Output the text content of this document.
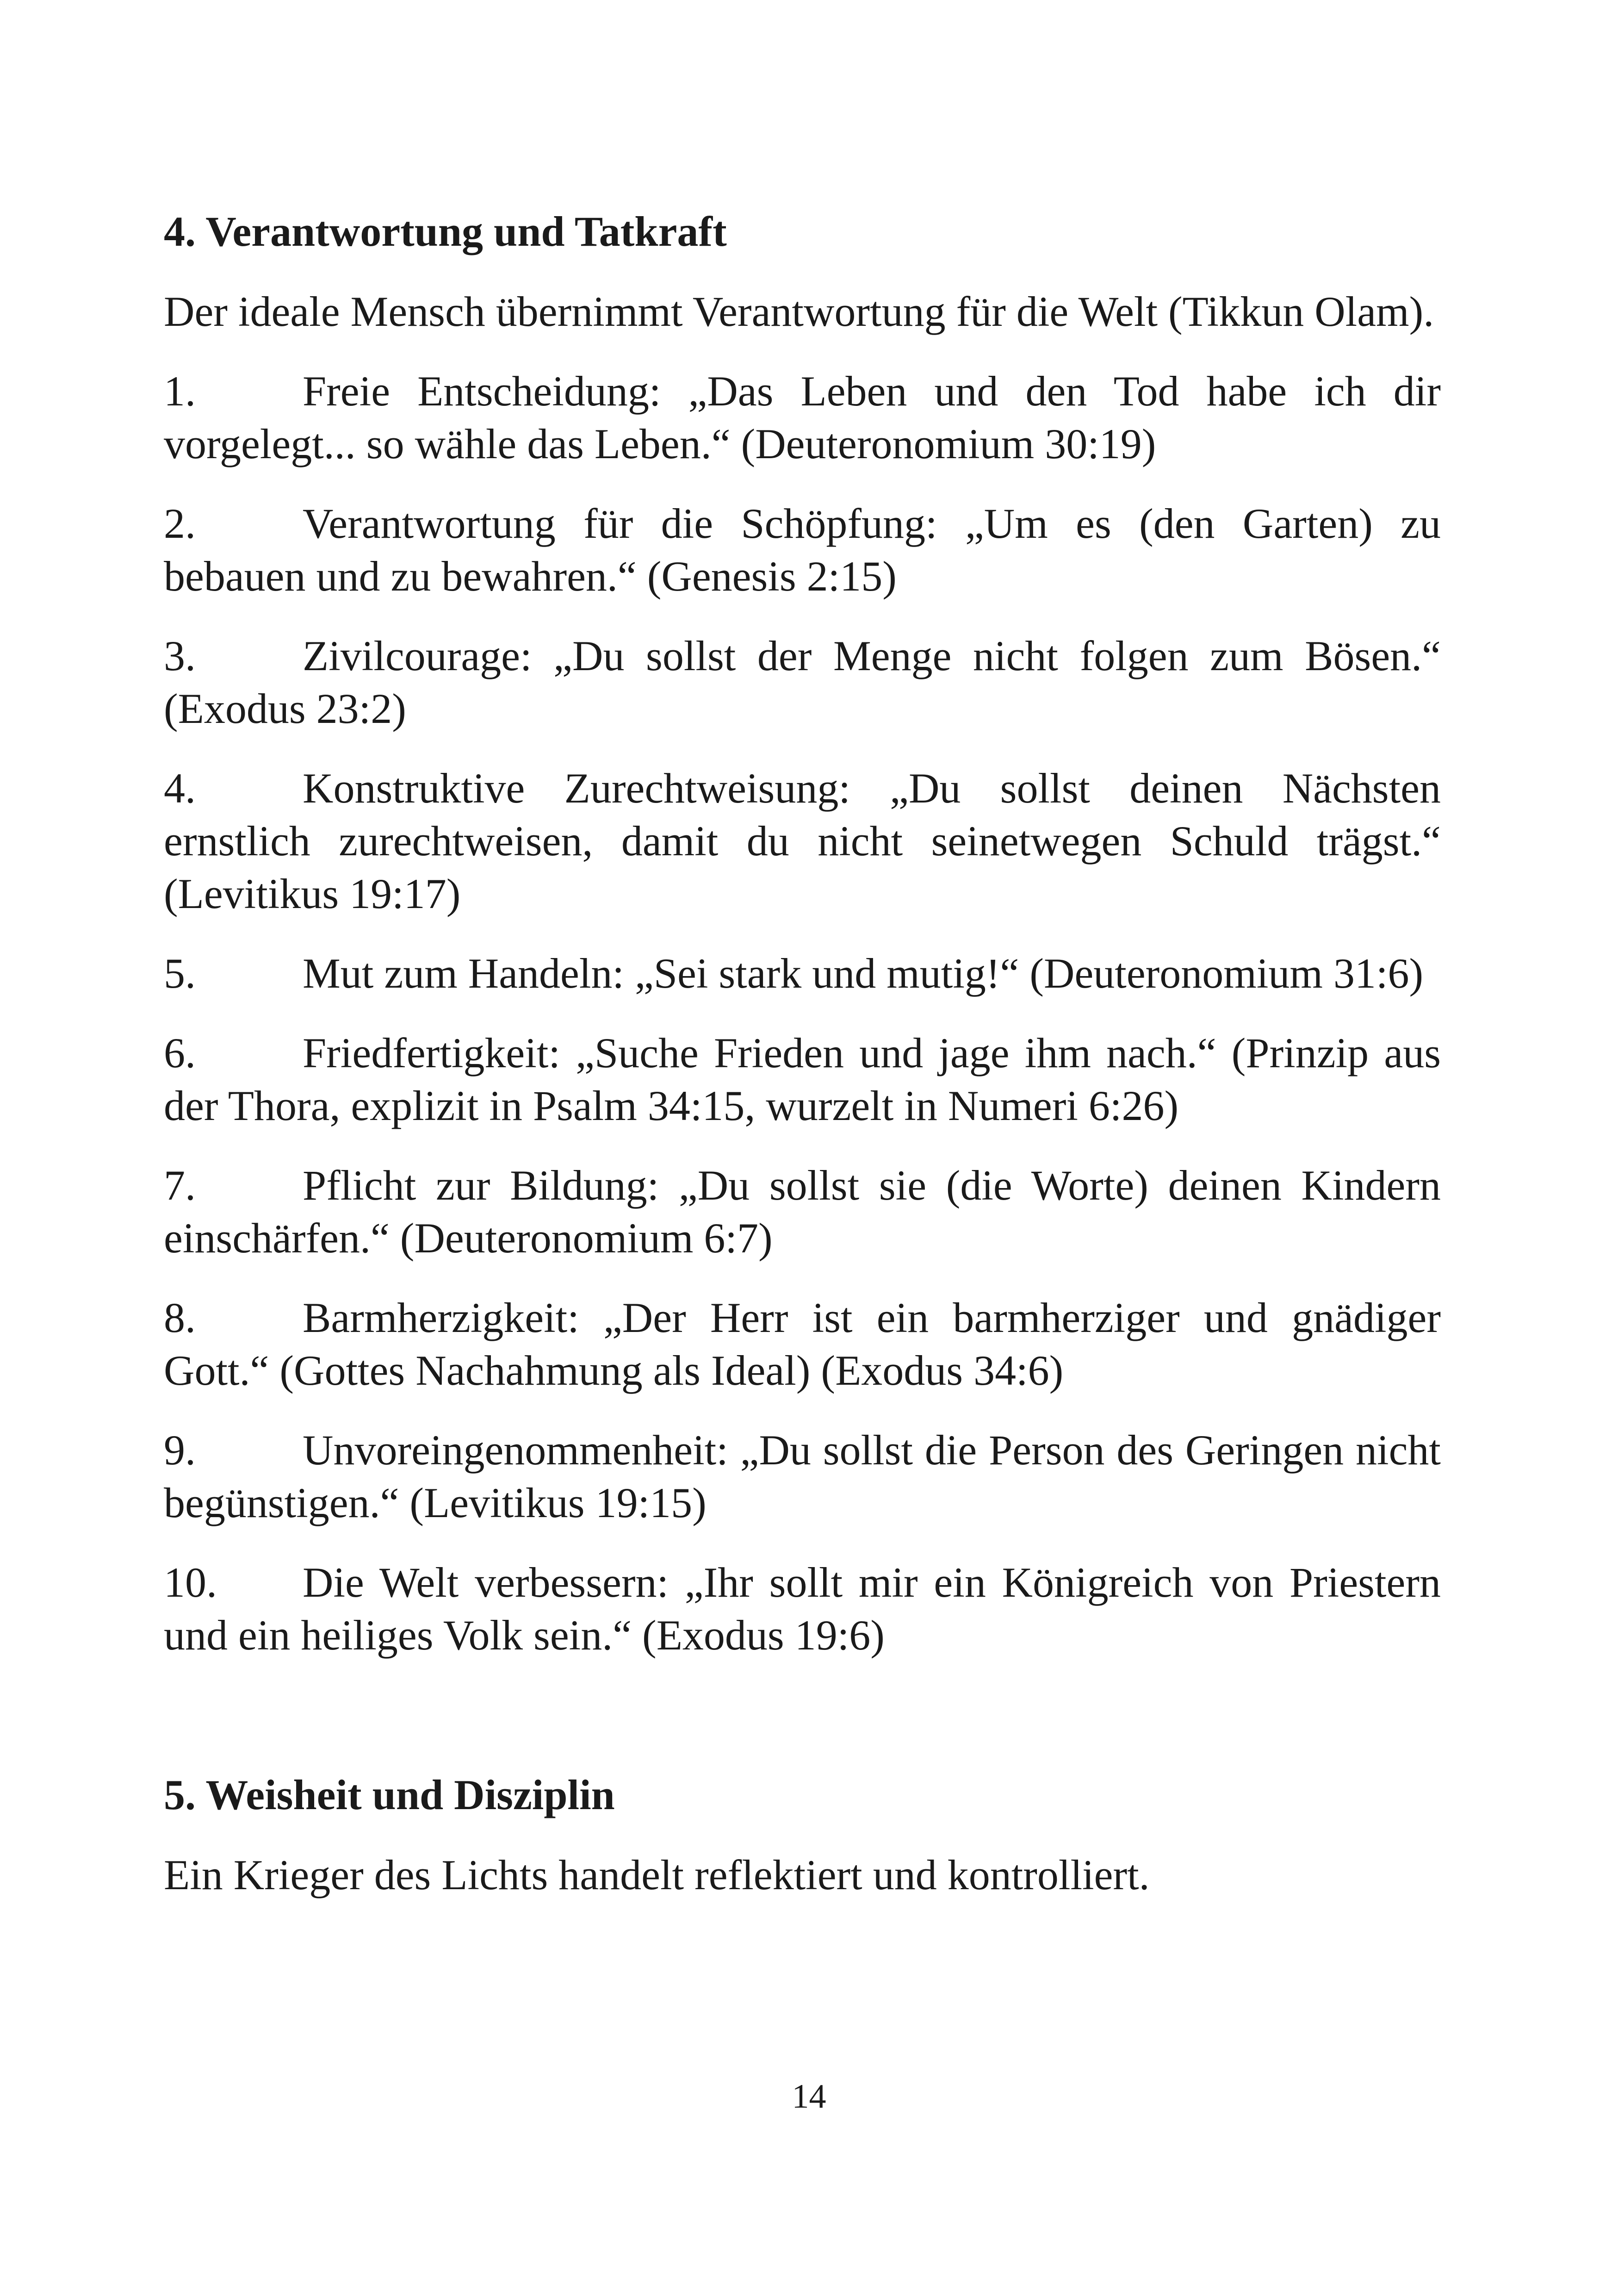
4. Verantwortung und Tatkraft

Der ideale Mensch übernimmt Verantwortung für die Welt (Tikkun Olam).

1.	Freie Entscheidung: „Das Leben und den Tod habe ich dir vorgelegt... so wähle das Leben.“ (Deuteronomium 30:19)

2.	Verantwortung für die Schöpfung: „Um es (den Garten) zu bebauen und zu bewahren.“ (Genesis 2:15)

3.	Zivilcourage: „Du sollst der Menge nicht folgen zum Bösen.“ (Exodus 23:2)

4.	Konstruktive Zurechtweisung: „Du sollst deinen Nächsten ernstlich zurechtweisen, damit du nicht seinetwegen Schuld trägst.“ (Levitikus 19:17)

5.	Mut zum Handeln: „Sei stark und mutig!“ (Deuteronomium 31:6)

6.	Friedfertigkeit: „Suche Frieden und jage ihm nach.“ (Prinzip aus der Thora, explizit in Psalm 34:15, wurzelt in Numeri 6:26)

7.	Pflicht zur Bildung: „Du sollst sie (die Worte) deinen Kindern einschärfen.“ (Deuteronomium 6:7)

8.	Barmherzigkeit: „Der Herr ist ein barmherziger und gnädiger Gott.“ (Gottes Nachahmung als Ideal) (Exodus 34:6)

9.	Unvoreingenommenheit: „Du sollst die Person des Geringen nicht begünstigen.“ (Levitikus 19:15)

10. Die Welt verbessern: „Ihr sollt mir ein Königreich von Priestern und ein heiliges Volk sein.“ (Exodus 19:6)

5. Weisheit und Disziplin

Ein Krieger des Lichts handelt reflektiert und kontrolliert.

14
